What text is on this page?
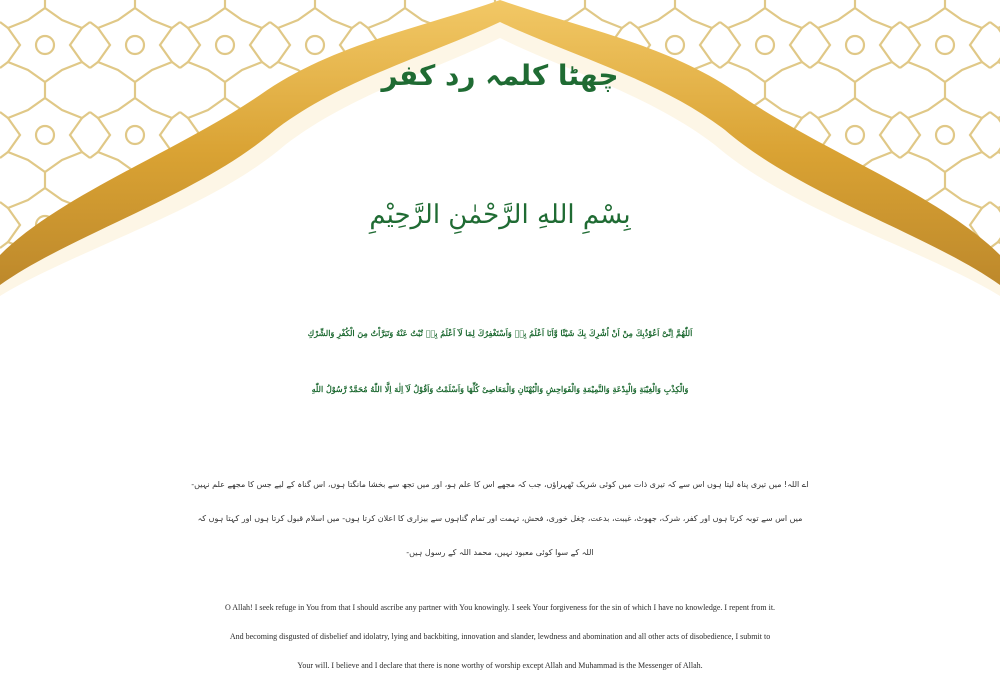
چھٹا کلمہ رد کفر
بِسْمِ اللهِ الرَّحْمٰنِ الرَّحِيْمِ
اَللّٰهُمَّ اِنِّىْٓ اَعُوْذُبِكَ مِنْ اَنْ اُشْرِكَ بِكَ شَيْئًا وَّاَنَا اَعْلَمُ بِهٖ وَاَسْتَغْفِرُكَ لِمَا لَآ اَعْلَمُ بِهٖ تُبْتُ عَنْهُ وَتَبَرَّاْتُ مِنَ الْكُفْرِ وَالشِّرْكِ
وَالْكِذْبِ وَالْغِيْبَةِ وَالْبِدْعَةِ وَالنَّمِيْمَةِ وَالْفَوَاحِشِ وَالْبُهْتَانِ وَالْمَعَاصِىْ كُلِّهَا وَاَسْلَمْتُ وَاَقُوْلُ لَآ اِلٰهَ اِلَّا اللّٰهُ مُحَمَّدٌ رَّسُوْلُ اللّٰهِ
اے اللہ! میں تیری پناہ لیتا ہوں اس سے کہ تیری ذات میں کوئی شریک ٹھہراؤں، جب کہ مجھے اس کا علم ہو، اور میں تجھ سے بخشا مانگتا ہوں، اس گناہ کے لیے جس کا مجھے علم نہیں-
میں اس سے توبہ کرتا ہوں اور کفر، شرک، جھوٹ، غیبت، بدعت، چغل خوری، فحش، تہمت اور تمام گناہوں سے بیزاری کا اعلان کرتا ہوں- میں اسلام قبول کرتا ہوں اور کہتا ہوں کہ
اللہ کے سوا کوئی معبود نہیں، محمد اللہ کے رسول ہیں-
O Allah! I seek refuge in You from that I should ascribe any partner with You knowingly. I seek Your forgiveness for the sin of which I have no knowledge. I repent from it.
And becoming disgusted of disbelief and idolatry, lying and backbiting, innovation and slander, lewdness and abomination and all other acts of disobedience, I submit to
Your will. I believe and I declare that there is none worthy of worship except Allah and Muhammad is the Messenger of Allah.
